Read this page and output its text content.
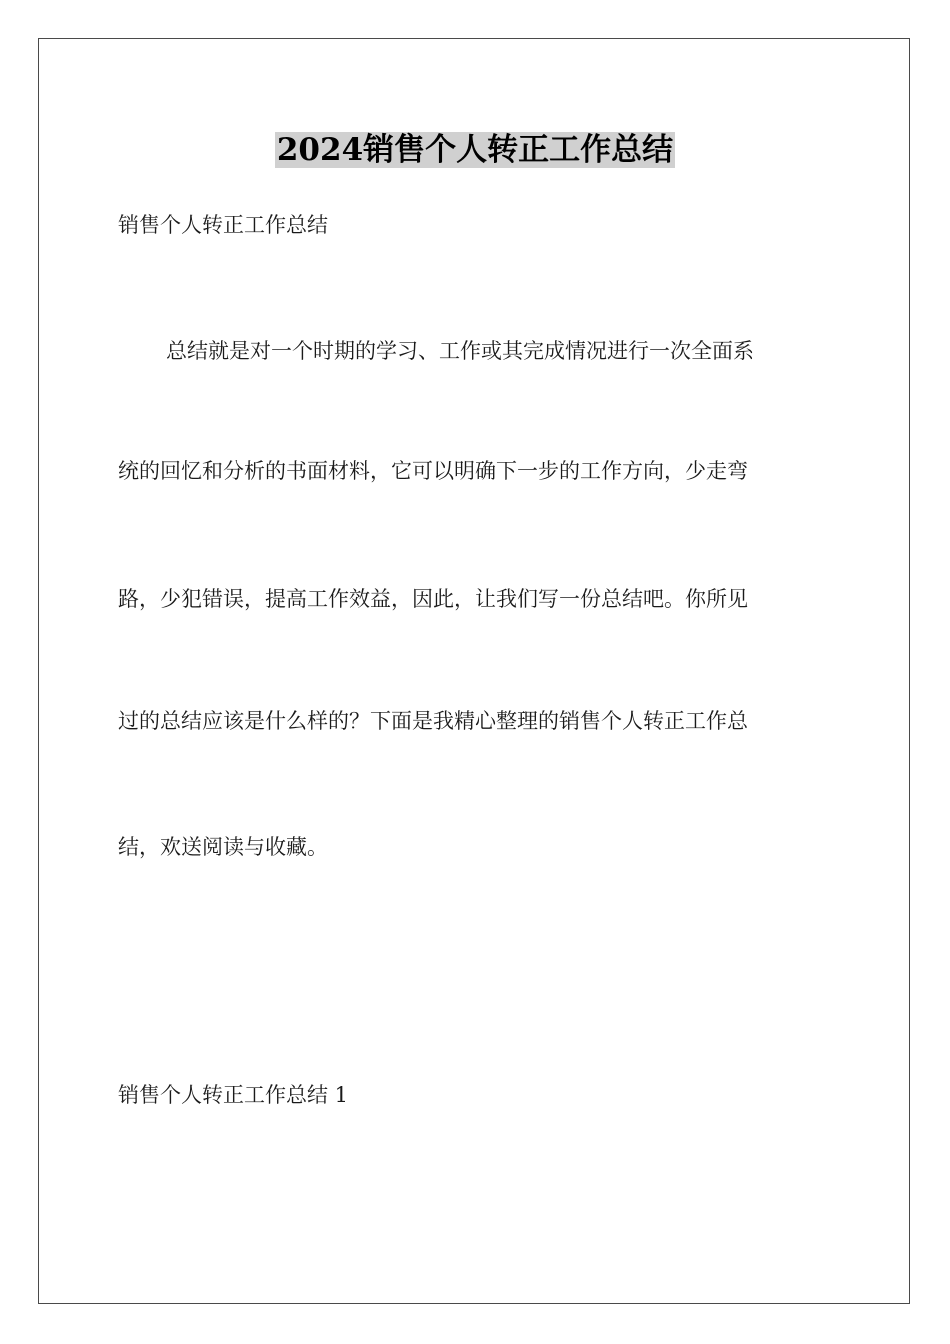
2024销售个人转正工作总结
销售个人转正工作总结
总结就是对一个时期的学习、工作或其完成情况进行一次全面系
统的回忆和分析的书面材料，它可以明确下一步的工作方向，少走弯
路，少犯错误，提高工作效益，因此，让我们写一份总结吧。你所见
过的总结应该是什么样的？下面是我精心整理的销售个人转正工作总
结，欢送阅读与收藏。
销售个人转正工作总结 1
